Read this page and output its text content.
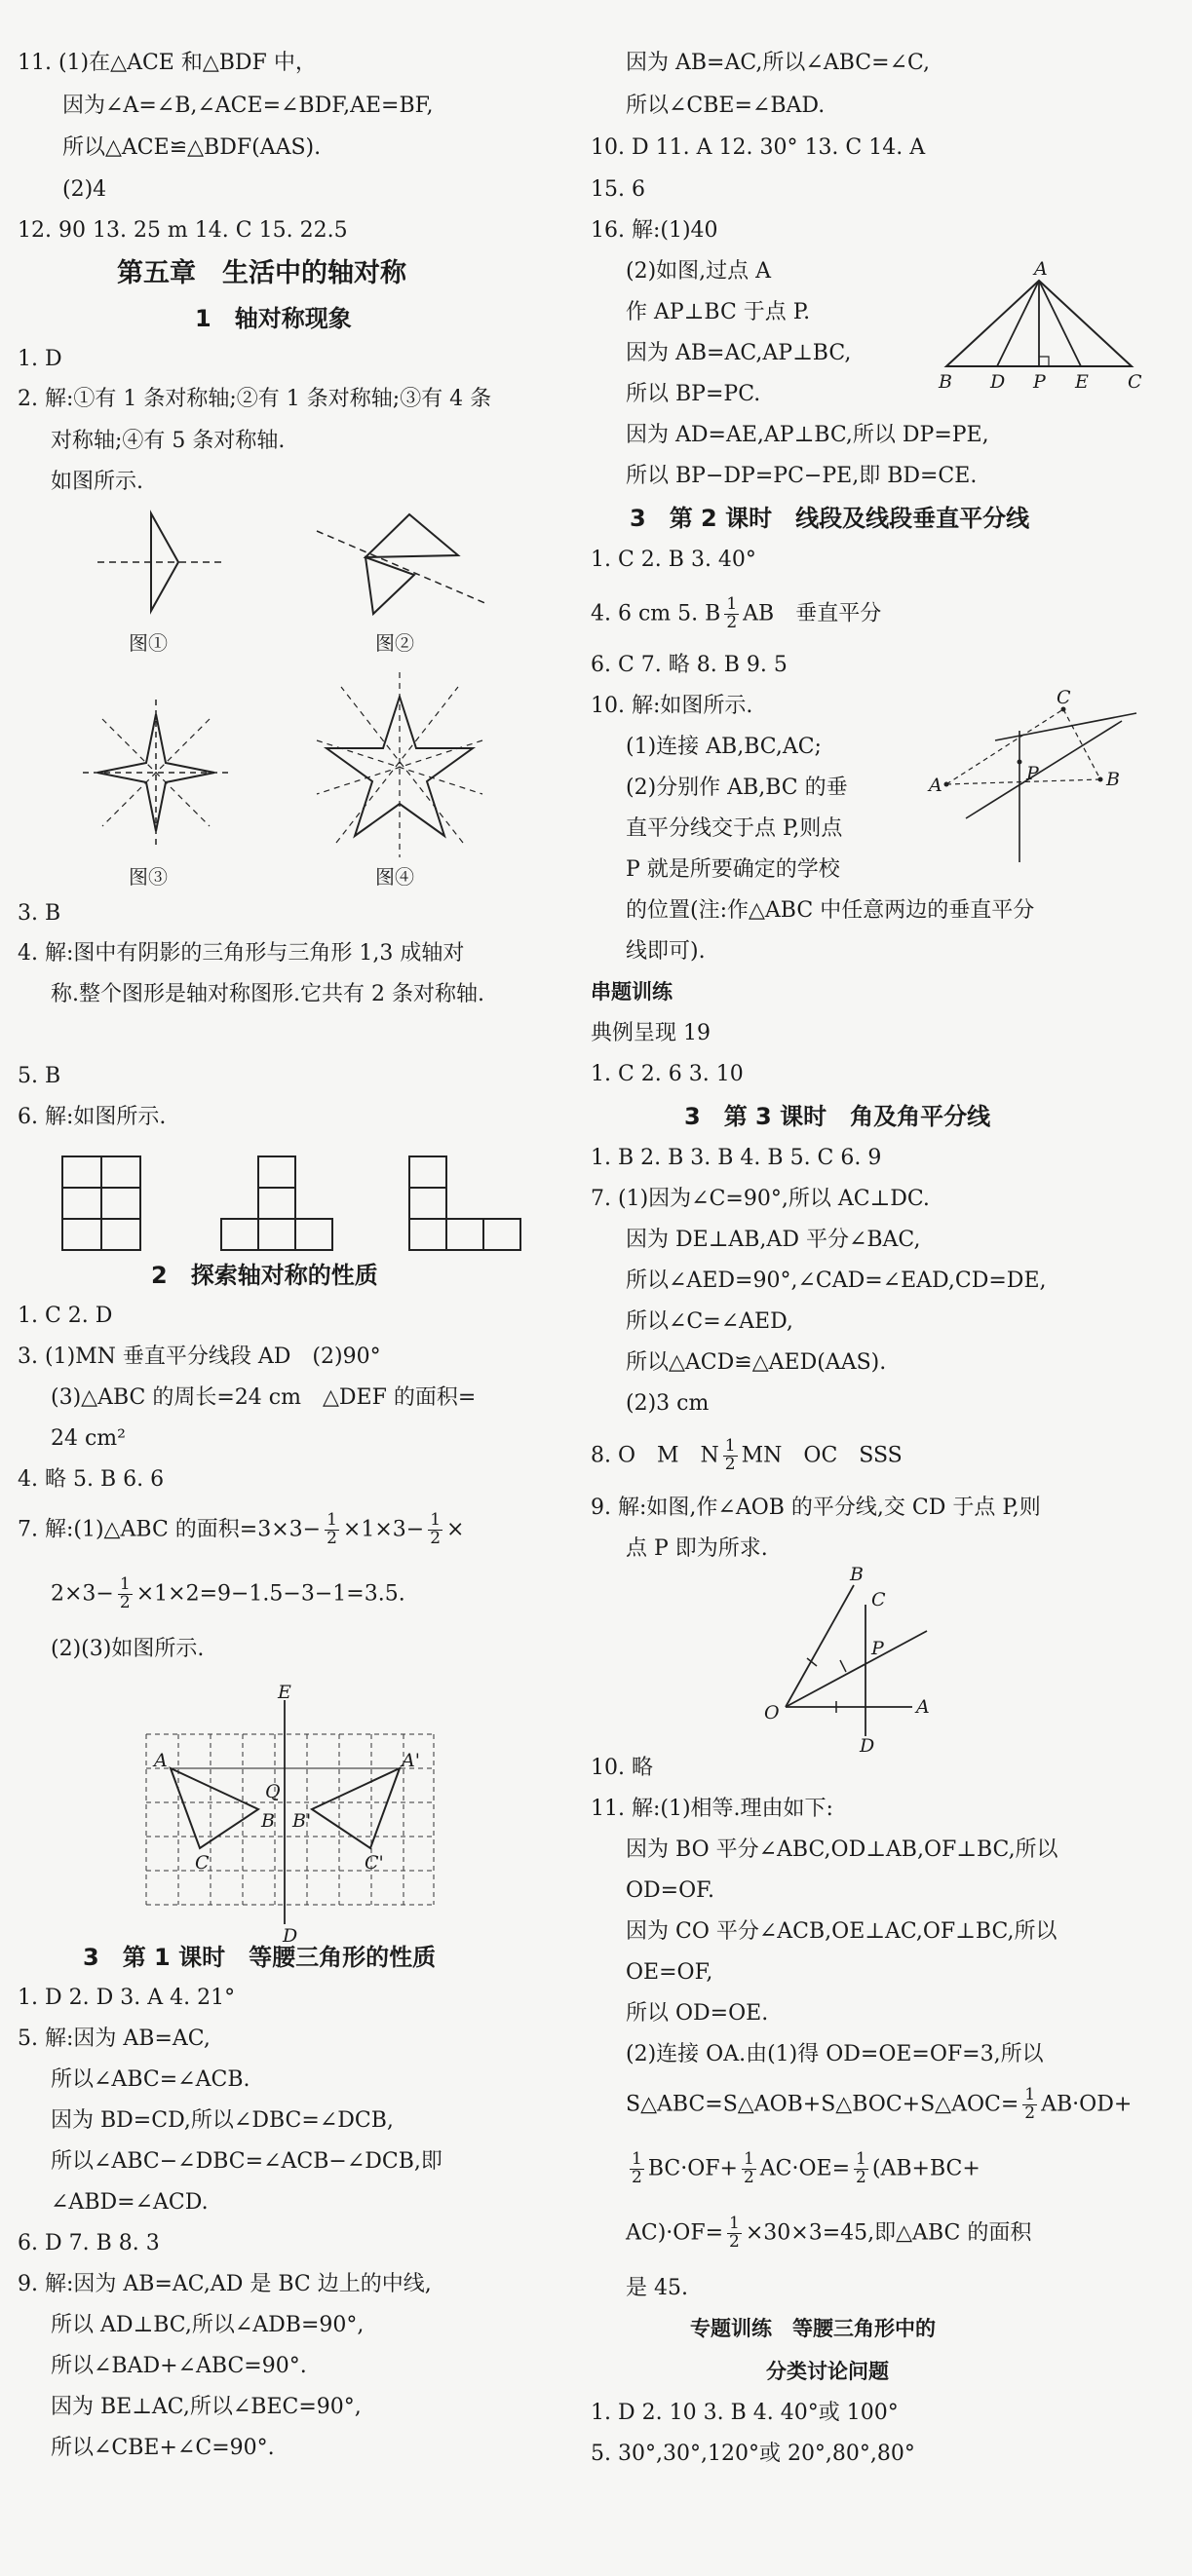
11. (1)在△ACE 和△BDF 中，
因为∠A=∠B,∠ACE=∠BDF,AE=BF,
所以△ACE≌△BDF(AAS).
(2)4
12. 90 13. 25 m 14. C 15. 22.5
第五章　生活中的轴对称
1　轴对称现象
1. D
2. 解:①有 1 条对称轴;②有 1 条对称轴;③有 4 条
对称轴;④有 5 条对称轴.
如图所示.
图①	图②
图③	图④
3. B
4. 解:图中有阴影的三角形与三角形 1,3 成轴对
称.整个图形是轴对称图形.它共有 2 条对称轴.
5. B
6. 解:如图所示.
2　探索轴对称的性质
1. C 2. D
3. (1)MN 垂直平分线段 AD　(2)90°
(3)△ABC 的周长=24 cm　△DEF 的面积=
24 cm²
4. 略 5. B 6. 6
7. 解:(1)△ABC 的面积$=3\times 3- \frac{1}{2} \times 1\times 3- \frac{1}{2}$ ×
$2\times 3- \frac{1}{2} \times 1\times 2=9-1.5-3-1=3.5$.
(2)(3)如图所示.
E
D
A	A'
Q
B B'
C	C'
3　第 1 课时　等腰三角形的性质
1. D 2. D 3. A 4. 21°
5. 解:因为 AB=AC,
所以∠ABC=∠ACB.
因为 BD=CD,所以∠DBC=∠DCB,
所以∠ABC−∠DBC=∠ACB−∠DCB,即
∠ABD=∠ACD.
6. D 7. B 8. 3
9. 解:因为 AB=AC,AD 是 BC 边上的中线,
所以 AD⊥BC,所以∠ADB=90°,
所以∠BAD+∠ABC=90°.
因为 BE⊥AC,所以∠BEC=90°,
所以∠CBE+∠C=90°.
因为 AB=AC,所以∠ABC=∠C,
所以∠CBE=∠BAD.
10. D 11. A 12. 30° 13. C 14. A
15. 6
16. 解:(1)40
(2)如图,过点 A
作 AP⊥BC 于点 P.
因为 AB=AC,AP⊥BC,
所以 BP=PC.
因为 AD=AE,AP⊥BC,所以 DP=PE,
所以 BP−DP=PC−PE,即 BD=CE.
A
B D P E C
3　第 2 课时　线段及线段垂直平分线
1. C 2. B 3. 40°
4. 6 cm 5. B $\frac{1}{2}$ AB　垂直平分
6. C 7. 略 8. B 9. 5
10. 解:如图所示.
(1)连接 AB,BC,AC;
(2)分别作 AB,BC 的垂
直平分线交于点 P,则点
P 就是所要确定的学校
的位置(注:作△ABC 中任意两边的垂直平分
线即可).
A	B
C
P
串题训练
典例呈现 19
1. C 2. 6 3. 10
3　第 3 课时　角及角平分线
1. B 2. B 3. B 4. B 5. C 6. 9
7. (1)因为∠C=90°,所以 AC⊥DC.
因为 DE⊥AB,AD 平分∠BAC,
所以∠AED=90°,∠CAD=∠EAD,CD=DE,
所以∠C=∠AED,
所以△ACD≌△AED(AAS).
(2)3 cm
8. O　M　N $\frac{1}{2}$ MN　OC　SSS
9. 解:如图,作∠AOB 的平分线,交 CD 于点 P,则
点 P 即为所求.
B
C
P
O	A
D
10. 略
11. 解:(1)相等.理由如下:
因为 BO 平分∠ABC,OD⊥AB,OF⊥BC,所以
OD=OF.
因为 CO 平分∠ACB,OE⊥AC,OF⊥BC,所以
OE=OF,
所以 OD=OE.
(2)连接 OA.由(1)得 OD=OE=OF=3,所以
S△ABC=S△AOB+S△BOC+S△AOC= $\frac{1}{2} AB\cdot OD+$
$\frac{1}{2} BC\cdot OF+ \frac{1}{2} AC\cdot OE= \frac{1}{2} (AB+BC+$
$AC)\cdot OF= \frac{1}{2} \times 30\times 3=45$,即△ABC 的面积
是 45.
专题训练　等腰三角形中的
分类讨论问题
1. D 2. 10 3. B 4. 40°或 100°
5. 30°,30°,120°或 20°,80°,80°
